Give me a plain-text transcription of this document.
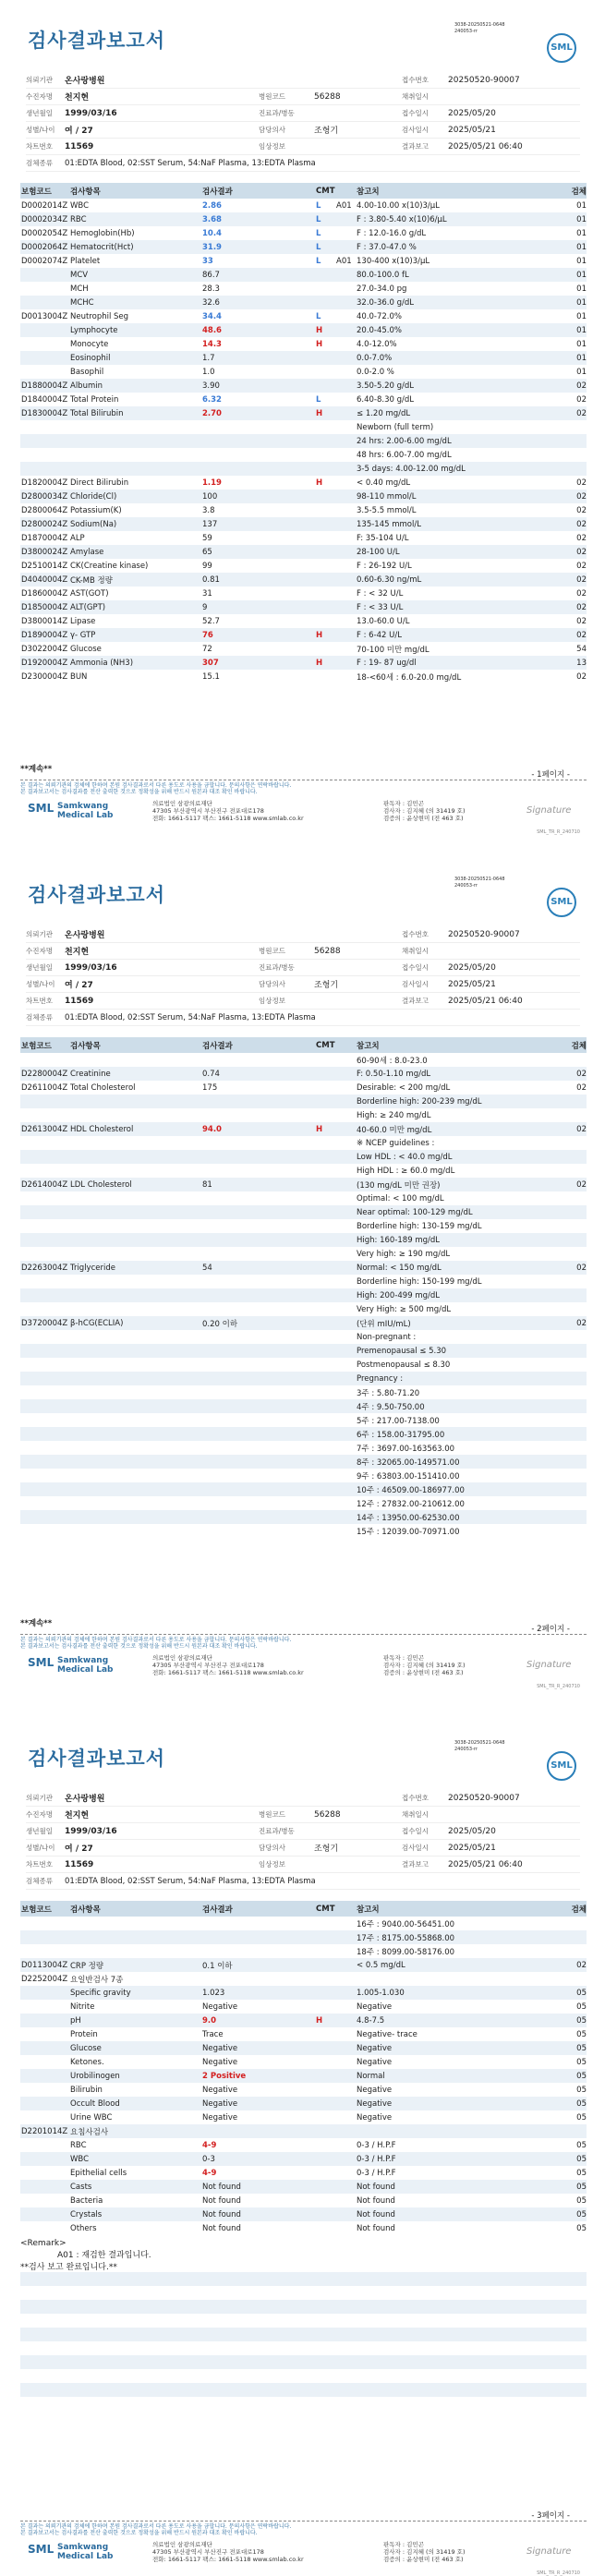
검사결과보고서
3038-20250521-0648
240053-rr
SML
의뢰기관	온사랑병원	접수번호	20250520-90007
수진자명	천지현	병원코드	56288	채취일시
생년월일	1999/03/16	진료과/병동	접수일시	2025/05/20
성별/나이	여 / 27	담당의사	조형기	검사일시	2025/05/21
차트번호	11569	임상정보	결과보고	2025/05/21 06:40
검체종류	01:EDTA Blood, 02:SST Serum, 54:NaF Plasma, 13:EDTA Plasma
보험코드	검사항목	검사결과	CMT	참고치	검체
D0002014Z WBC	2.86	L	A01 4.00-10.00 x(10)3/μL	01
D0002034Z RBC	3.68	L	F : 3.80-5.40 x(10)6/μL	01
D0002054Z Hemoglobin(Hb)	10.4	L	F : 12.0-16.0 g/dL	01
D0002064Z Hematocrit(Hct)	31.9	L	F : 37.0-47.0 %	01
D0002074Z Platelet	33	L	A01 130-400 x(10)3/μL	01
MCV	86.7	80.0-100.0 fL	01
MCH	28.3	27.0-34.0 pg	01
MCHC	32.6	32.0-36.0 g/dL	01
D0013004Z Neutrophil Seg	34.4	L	40.0-72.0%	01
Lymphocyte	48.6	H	20.0-45.0%	01
Monocyte	14.3	H	4.0-12.0%	01
Eosinophil	1.7	0.0-7.0%	01
Basophil	1.0	0.0-2.0 %	01
D1880004Z Albumin	3.90	3.50-5.20 g/dL	02
D1840004Z Total Protein	6.32	L	6.40-8.30 g/dL	02
D1830004Z Total Bilirubin	2.70	H	≤ 1.20 mg/dL	02
Newborn (full term)
24 hrs: 2.00-6.00 mg/dL
48 hrs: 6.00-7.00 mg/dL
3-5 days: 4.00-12.00 mg/dL
D1820004Z Direct Bilirubin	1.19	H	< 0.40 mg/dL	02
D2800034Z Chloride(Cl)	100	98-110 mmol/L	02
D2800064Z Potassium(K)	3.8	3.5-5.5 mmol/L	02
D2800024Z Sodium(Na)	137	135-145 mmol/L	02
D1870004Z ALP	59	F: 35-104 U/L	02
D3800024Z Amylase	65	28-100 U/L	02
D2510014Z CK(Creatine kinase)	99	F : 26-192 U/L	02
D4040004Z CK-MB 정량	0.81	0.60-6.30 ng/mL	02
D1860004Z AST(GOT)	31	F : < 32 U/L	02
D1850004Z ALT(GPT)	9	F : < 33 U/L	02
D3800014Z Lipase	52.7	13.0-60.0 U/L	02
D1890004Z γ- GTP	76	H	F : 6-42 U/L	02
D3022004Z Glucose	72	70-100 미만 mg/dL	54
D1920004Z Ammonia (NH3)	307	H	F : 19- 87 ug/dl	13
D2300004Z BUN	15.1	18-<60세 : 6.0-20.0 mg/dL	02
- 1페이지 -
**계속**
본 결과는 의뢰기관의 검체에 한하며 본원 검사결과로서 다른 용도로 사용을 금합니다. 문의사항은 연락바랍니다.
본 결과보고서는 검사결과를 전산 출력한 것으로 정확성을 위해 반드시 원본과 대조 확인 바랍니다.
SML Samkwang
Medical Lab
의료법인 삼광의료재단
47305 부산광역시 부산진구 전포대로178
전화: 1661-5117 팩스: 1661-5118 www.smlab.co.kr
판독자 : 김민곤
검사자 : 김지혜 (의 31419 호)
검증의 : 윤상현미 (전 463 호)
Signature
SML_TR_R_240710
검사결과보고서
3038-20250521-0648
240053-rr
SML
의뢰기관	온사랑병원	접수번호	20250520-90007
수진자명	천지현	병원코드	56288	채취일시
생년월일	1999/03/16	진료과/병동	접수일시	2025/05/20
성별/나이	여 / 27	담당의사	조형기	검사일시	2025/05/21
차트번호	11569	임상정보	결과보고	2025/05/21 06:40
검체종류	01:EDTA Blood, 02:SST Serum, 54:NaF Plasma, 13:EDTA Plasma
보험코드	검사항목	검사결과	CMT	참고치	검체
60-90세 : 8.0-23.0
D2280004Z Creatinine	0.74	F: 0.50-1.10 mg/dL	02
D2611004Z Total Cholesterol	175	Desirable: < 200 mg/dL	02
Borderline high: 200-239 mg/dL
High: ≥ 240 mg/dL
D2613004Z HDL Cholesterol	94.0	H	40-60.0 미만 mg/dL	02
※ NCEP guidelines :
Low HDL : < 40.0 mg/dL
High HDL : ≥ 60.0 mg/dL
D2614004Z LDL Cholesterol	81	(130 mg/dL 미만 권장)	02
Optimal: < 100 mg/dL
Near optimal: 100-129 mg/dL
Borderline high: 130-159 mg/dL
High: 160-189 mg/dL
Very high: ≥ 190 mg/dL
D2263004Z Triglyceride	54	Normal: < 150 mg/dL	02
Borderline high: 150-199 mg/dL
High: 200-499 mg/dL
Very High: ≥ 500 mg/dL
D3720004Z β-hCG(ECLIA)	0.20 이하	(단위 mIU/mL)	02
Non-pregnant :
Premenopausal ≤ 5.30
Postmenopausal ≤ 8.30
Pregnancy :
3주 : 5.80-71.20
4주 : 9.50-750.00
5주 : 217.00-7138.00
6주 : 158.00-31795.00
7주 : 3697.00-163563.00
8주 : 32065.00-149571.00
9주 : 63803.00-151410.00
10주 : 46509.00-186977.00
12주 : 27832.00-210612.00
14주 : 13950.00-62530.00
15주 : 12039.00-70971.00
- 2페이지 -
**계속**
본 결과는 의뢰기관의 검체에 한하며 본원 검사결과로서 다른 용도로 사용을 금합니다. 문의사항은 연락바랍니다.
본 결과보고서는 검사결과를 전산 출력한 것으로 정확성을 위해 반드시 원본과 대조 확인 바랍니다.
SML Samkwang
Medical Lab
의료법인 삼광의료재단
47305 부산광역시 부산진구 전포대로178
전화: 1661-5117 팩스: 1661-5118 www.smlab.co.kr
판독자 : 김민곤
검사자 : 김지혜 (의 31419 호)
검증의 : 윤상현미 (전 463 호)
Signature
SML_TR_R_240710
검사결과보고서
3038-20250521-0648
240053-rr
SML
의뢰기관	온사랑병원	접수번호	20250520-90007
수진자명	천지현	병원코드	56288	채취일시
생년월일	1999/03/16	진료과/병동	접수일시	2025/05/20
성별/나이	여 / 27	담당의사	조형기	검사일시	2025/05/21
차트번호	11569	임상정보	결과보고	2025/05/21 06:40
검체종류	01:EDTA Blood, 02:SST Serum, 54:NaF Plasma, 13:EDTA Plasma
보험코드	검사항목	검사결과	CMT	참고치	검체
16주 : 9040.00-56451.00
17주 : 8175.00-55868.00
18주 : 8099.00-58176.00
D0113004Z CRP 정량	0.1 이하	< 0.5 mg/dL	02
D2252004Z 요일반검사 7종
Specific gravity	1.023	1.005-1.030	05
Nitrite	Negative	Negative	05
pH	9.0	H	4.8-7.5	05
Protein	Trace	Negative- trace	05
Glucose	Negative	Negative	05
Ketones.	Negative	Negative	05
Urobilinogen	2 Positive	Normal	05
Bilirubin	Negative	Negative	05
Occult Blood	Negative	Negative	05
Urine WBC	Negative	Negative	05
D2201014Z 요침사검사
RBC	4-9	0-3 / H.P.F	05
WBC	0-3	0-3 / H.P.F	05
Epithelial cells	4-9	0-3 / H.P.F	05
Casts	Not found	Not found	05
Bacteria	Not found	Not found	05
Crystals	Not found	Not found	05
Others	Not found	Not found	05
<Remark>
A01 : 재검한 결과입니다.
**검사 보고 완료입니다.**
- 3페이지 -
본 결과는 의뢰기관의 검체에 한하며 본원 검사결과로서 다른 용도로 사용을 금합니다. 문의사항은 연락바랍니다.
본 결과보고서는 검사결과를 전산 출력한 것으로 정확성을 위해 반드시 원본과 대조 확인 바랍니다.
SML Samkwang
Medical Lab
의료법인 삼광의료재단
47305 부산광역시 부산진구 전포대로178
전화: 1661-5117 팩스: 1661-5118 www.smlab.co.kr
판독자 : 김민곤
검사자 : 김지혜 (의 31419 호)
검증의 : 윤상현미 (전 463 호)
Signature
SML_TR_R_240710
